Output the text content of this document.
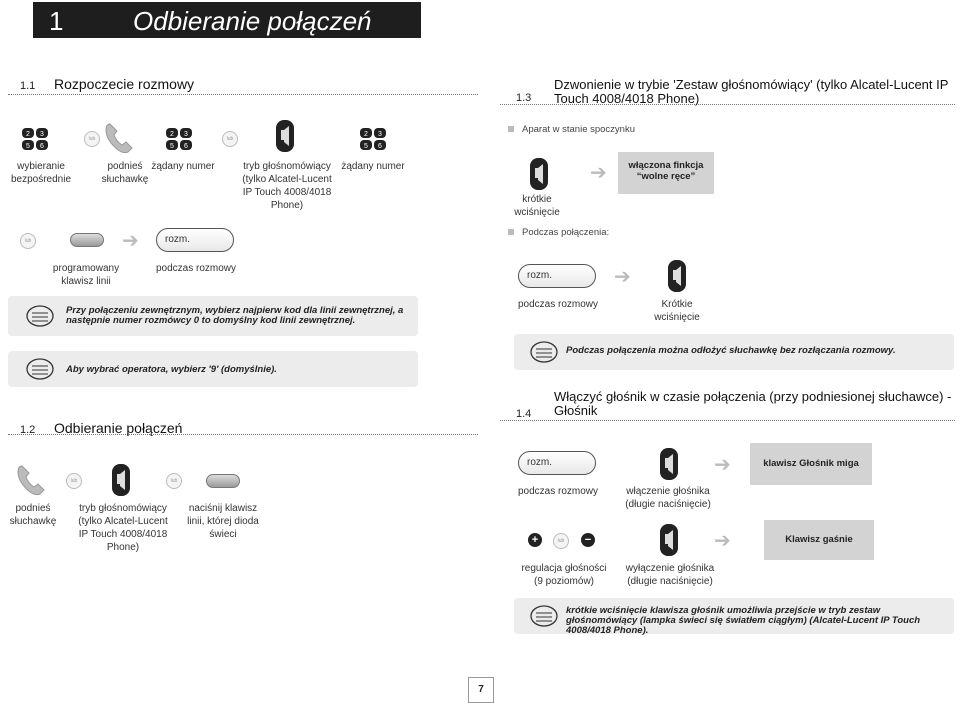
1	Odbieranie połączeń
1.1 Rozpoczecie rozmowy
2 3
5 6
lub
2 3
5 6
lub
2 3
5 6
wybieranie bezpośrednie
podnieś słuchawkę
żądany numer	tryb głośnomówiący (tylko Alcatel-Lucent IP Touch 4008/4018 Phone)
żądany numer
lub	➔	rozm.
programowany klawisz linii
podczas rozmowy
Przy połączeniu zewnętrznym, wybierz najpierw kod dla linii zewnętrznej, a następnie numer rozmówcy 0 to domyślny kod linii zewnętrznej.
Aby wybrać operatora, wybierz '9' (domyślnie).
1.2 Odbieranie połączeń
lub	lub
podnieś słuchawkę
tryb głośnomówiący (tylko Alcatel-Lucent IP Touch 4008/4018 Phone)
naciśnij klawisz linii, której dioda świeci
1.3
Dzwonienie w trybie 'Zestaw głośnomówiący' (tylko Alcatel-Lucent IP Touch 4008/4018 Phone)
Aparat w stanie spoczynku
➔	włączona finkcja “wolne ręce”
krótkie wciśnięcie
Podczas połączenia:
rozm.	➔
podczas rozmowy	Krótkie wciśnięcie
Podczas połączenia można odłożyć słuchawkę bez rozłączania rozmowy.
1.4
Włączyć głośnik w czasie połączenia (przy podniesionej słuchawce) - Głośnik
rozm.	➔	klawisz Głośnik miga
podczas rozmowy	włączenie głośnika (długie naciśnięcie)
+	lub	−	➔	Klawisz gaśnie
regulacja głośności (9 poziomów)
wyłączenie głośnika (długie naciśnięcie)
krótkie wciśnięcie klawisza głośnik umożliwia przejście w tryb zestaw głośnomówiący (lampka świeci się światłem ciągłym) (Alcatel-Lucent IP Touch 4008/4018 Phone).
7
